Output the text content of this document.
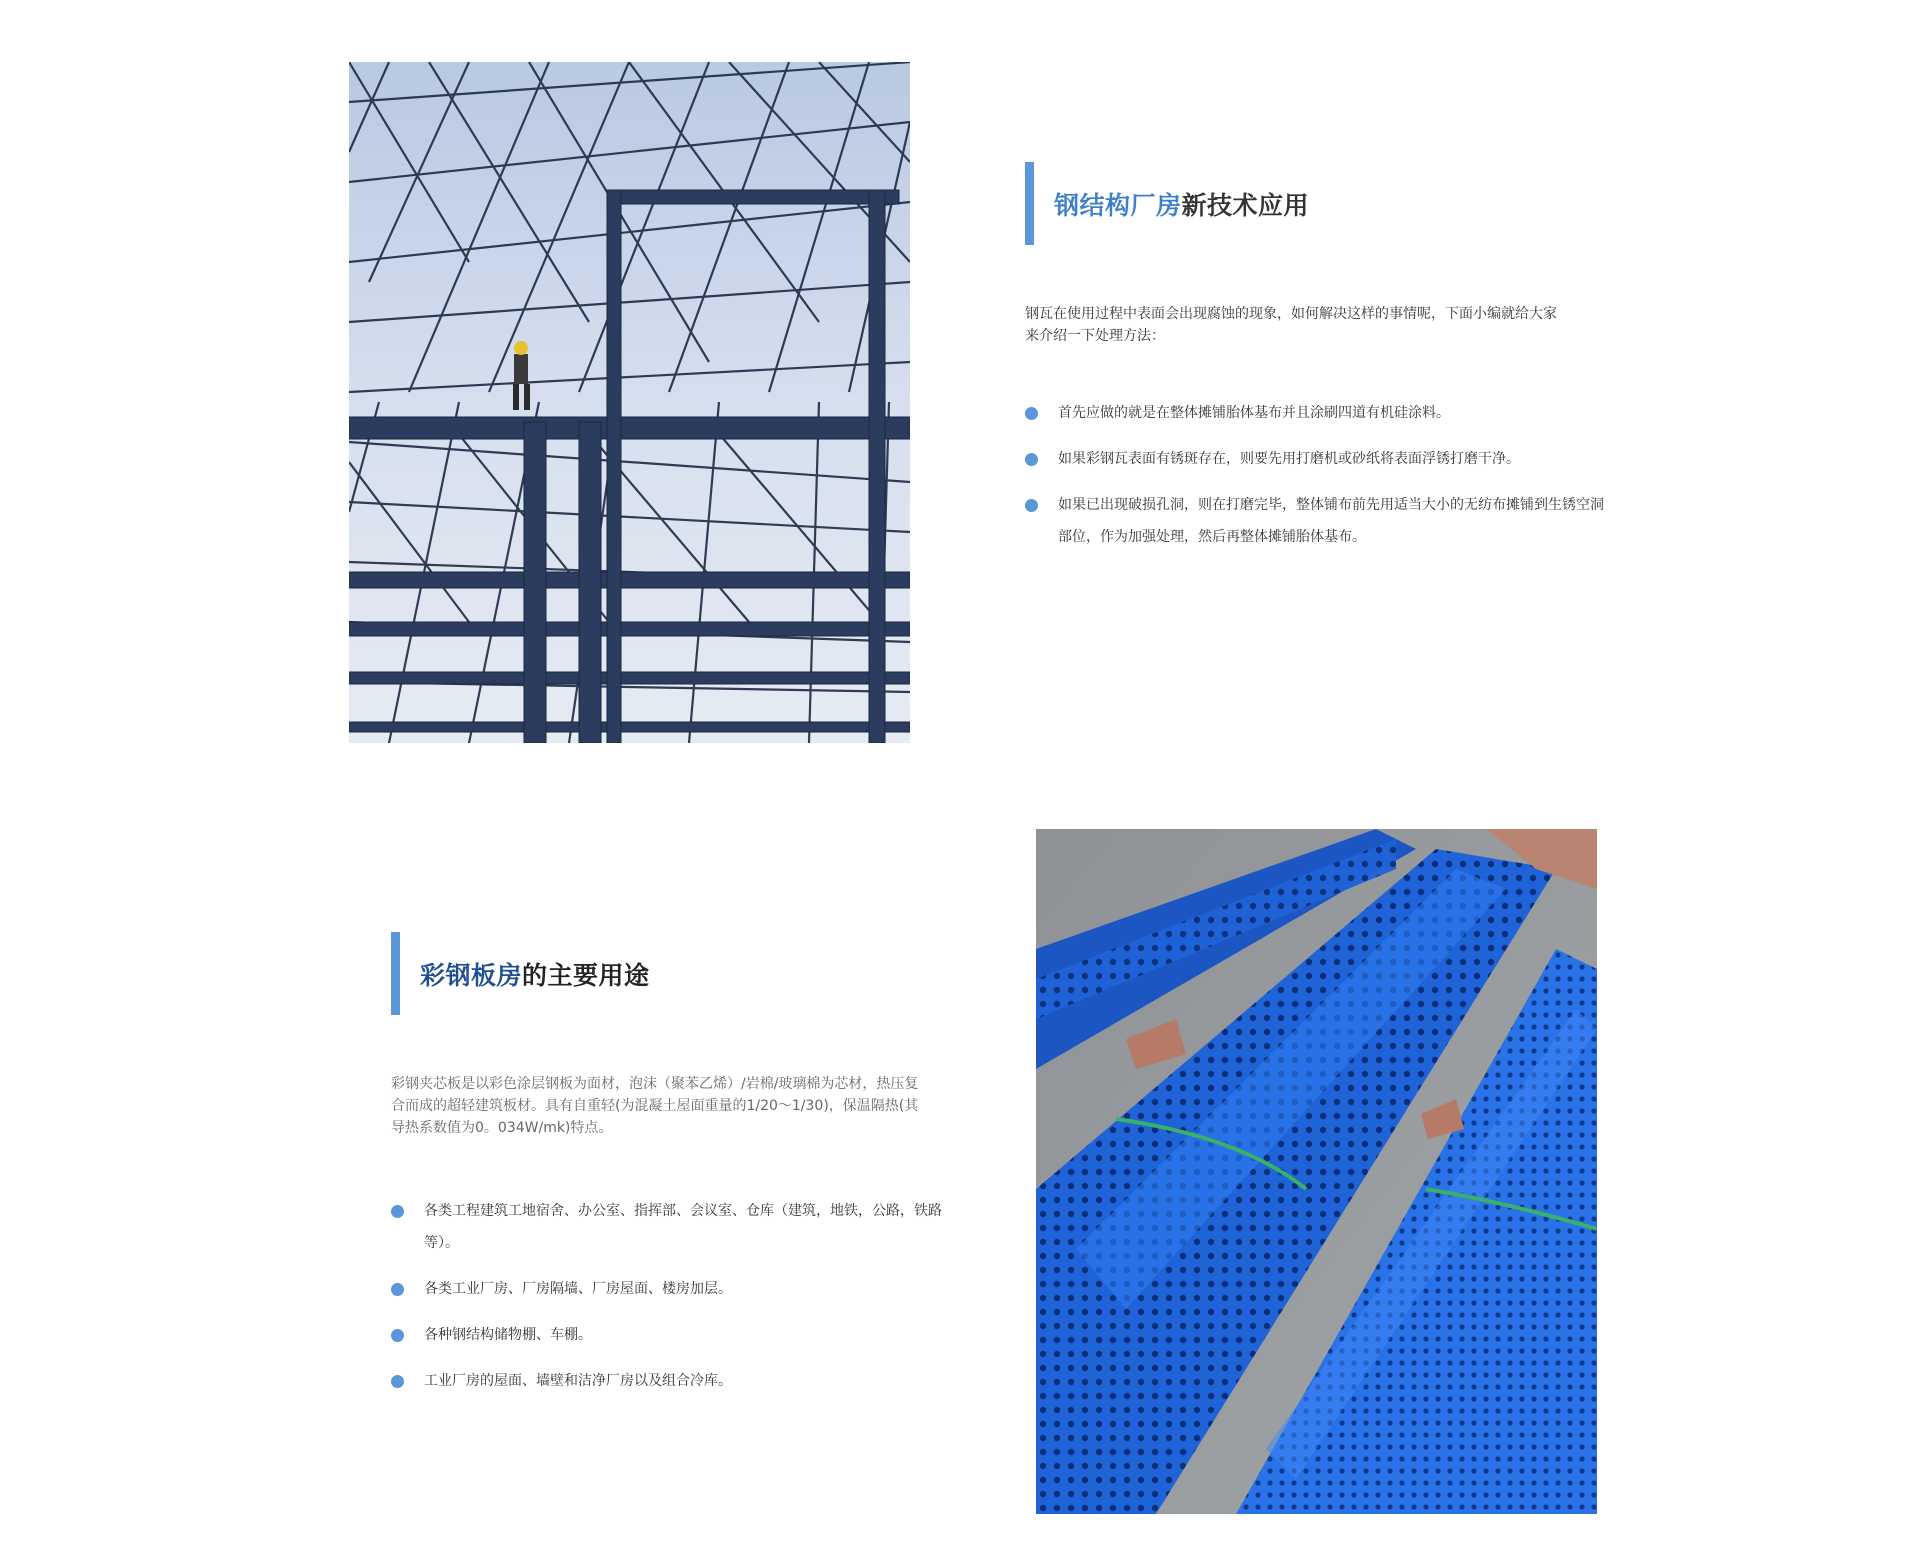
钢结构厂房新技术应用
钢瓦在使用过程中表面会出现腐蚀的现象，如何解决这样的事情呢，下面小编就给大家来介绍一下处理方法：
首先应做的就是在整体摊铺胎体基布并且涂刷四道有机硅涂料。
如果彩钢瓦表面有锈斑存在，则要先用打磨机或砂纸将表面浮锈打磨干净。
如果已出现破损孔洞，则在打磨完毕，整体铺布前先用适当大小的无纺布摊铺到生锈空洞部位，作为加强处理，然后再整体摊铺胎体基布。
彩钢板房的主要用途
彩钢夹芯板是以彩色涂层钢板为面材，泡沫（聚苯乙烯）/岩棉/玻璃棉为芯材，热压复合而成的超轻建筑板材。具有自重轻(为混凝土屋面重量的1/20～1/30)，保温隔热(其导热系数值为0。034W/mk)特点。
各类工程建筑工地宿舍、办公室、指挥部、会议室、仓库（建筑，地铁，公路，铁路等）。
各类工业厂房、厂房隔墙、厂房屋面、楼房加层。
各种钢结构储物棚、车棚。
工业厂房的屋面、墙壁和洁净厂房以及组合冷库。
